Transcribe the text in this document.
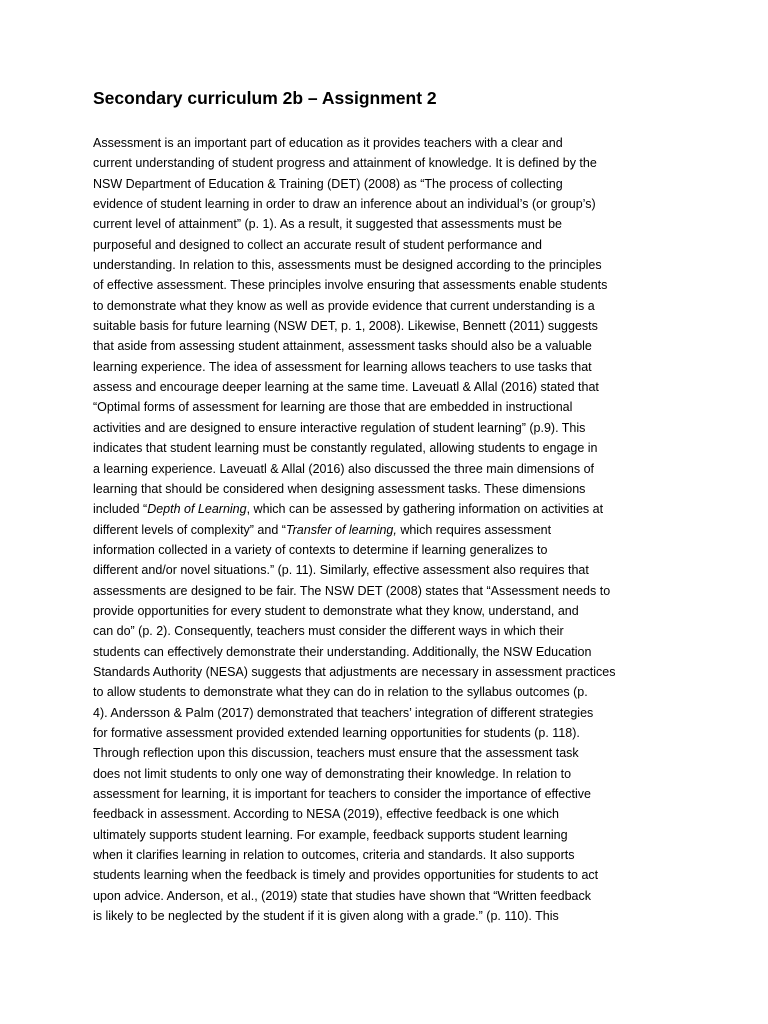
Secondary curriculum 2b – Assignment 2
Assessment is an important part of education as it provides teachers with a clear and
current understanding of student progress and attainment of knowledge. It is defined by the
NSW Department of Education & Training (DET) (2008) as “The process of collecting
evidence of student learning in order to draw an inference about an individual’s (or group’s)
current level of attainment” (p. 1). As a result, it suggested that assessments must be
purposeful and designed to collect an accurate result of student performance and
understanding. In relation to this, assessments must be designed according to the principles
of effective assessment. These principles involve ensuring that assessments enable students
to demonstrate what they know as well as provide evidence that current understanding is a
suitable basis for future learning (NSW DET, p. 1, 2008). Likewise, Bennett (2011) suggests
that aside from assessing student attainment, assessment tasks should also be a valuable
learning experience. The idea of assessment for learning allows teachers to use tasks that
assess and encourage deeper learning at the same time. Laveuatl & Allal (2016) stated that
“Optimal forms of assessment for learning are those that are embedded in instructional
activities and are designed to ensure interactive regulation of student learning” (p.9). This
indicates that student learning must be constantly regulated, allowing students to engage in
a learning experience. Laveuatl & Allal (2016) also discussed the three main dimensions of
learning that should be considered when designing assessment tasks. These dimensions
included “Depth of Learning, which can be assessed by gathering information on activities at
different levels of complexity” and “Transfer of learning, which requires assessment
information collected in a variety of contexts to determine if learning generalizes to
different and/or novel situations.” (p. 11). Similarly, effective assessment also requires that
assessments are designed to be fair. The NSW DET (2008) states that “Assessment needs to
provide opportunities for every student to demonstrate what they know, understand, and
can do” (p. 2). Consequently, teachers must consider the different ways in which their
students can effectively demonstrate their understanding. Additionally, the NSW Education
Standards Authority (NESA) suggests that adjustments are necessary in assessment practices
to allow students to demonstrate what they can do in relation to the syllabus outcomes (p.
4). Andersson & Palm (2017) demonstrated that teachers’ integration of different strategies
for formative assessment provided extended learning opportunities for students (p. 118).
Through reflection upon this discussion, teachers must ensure that the assessment task
does not limit students to only one way of demonstrating their knowledge. In relation to
assessment for learning, it is important for teachers to consider the importance of effective
feedback in assessment. According to NESA (2019), effective feedback is one which
ultimately supports student learning. For example, feedback supports student learning
when it clarifies learning in relation to outcomes, criteria and standards. It also supports
students learning when the feedback is timely and provides opportunities for students to act
upon advice. Anderson, et al., (2019) state that studies have shown that “Written feedback
is likely to be neglected by the student if it is given along with a grade.” (p. 110). This
